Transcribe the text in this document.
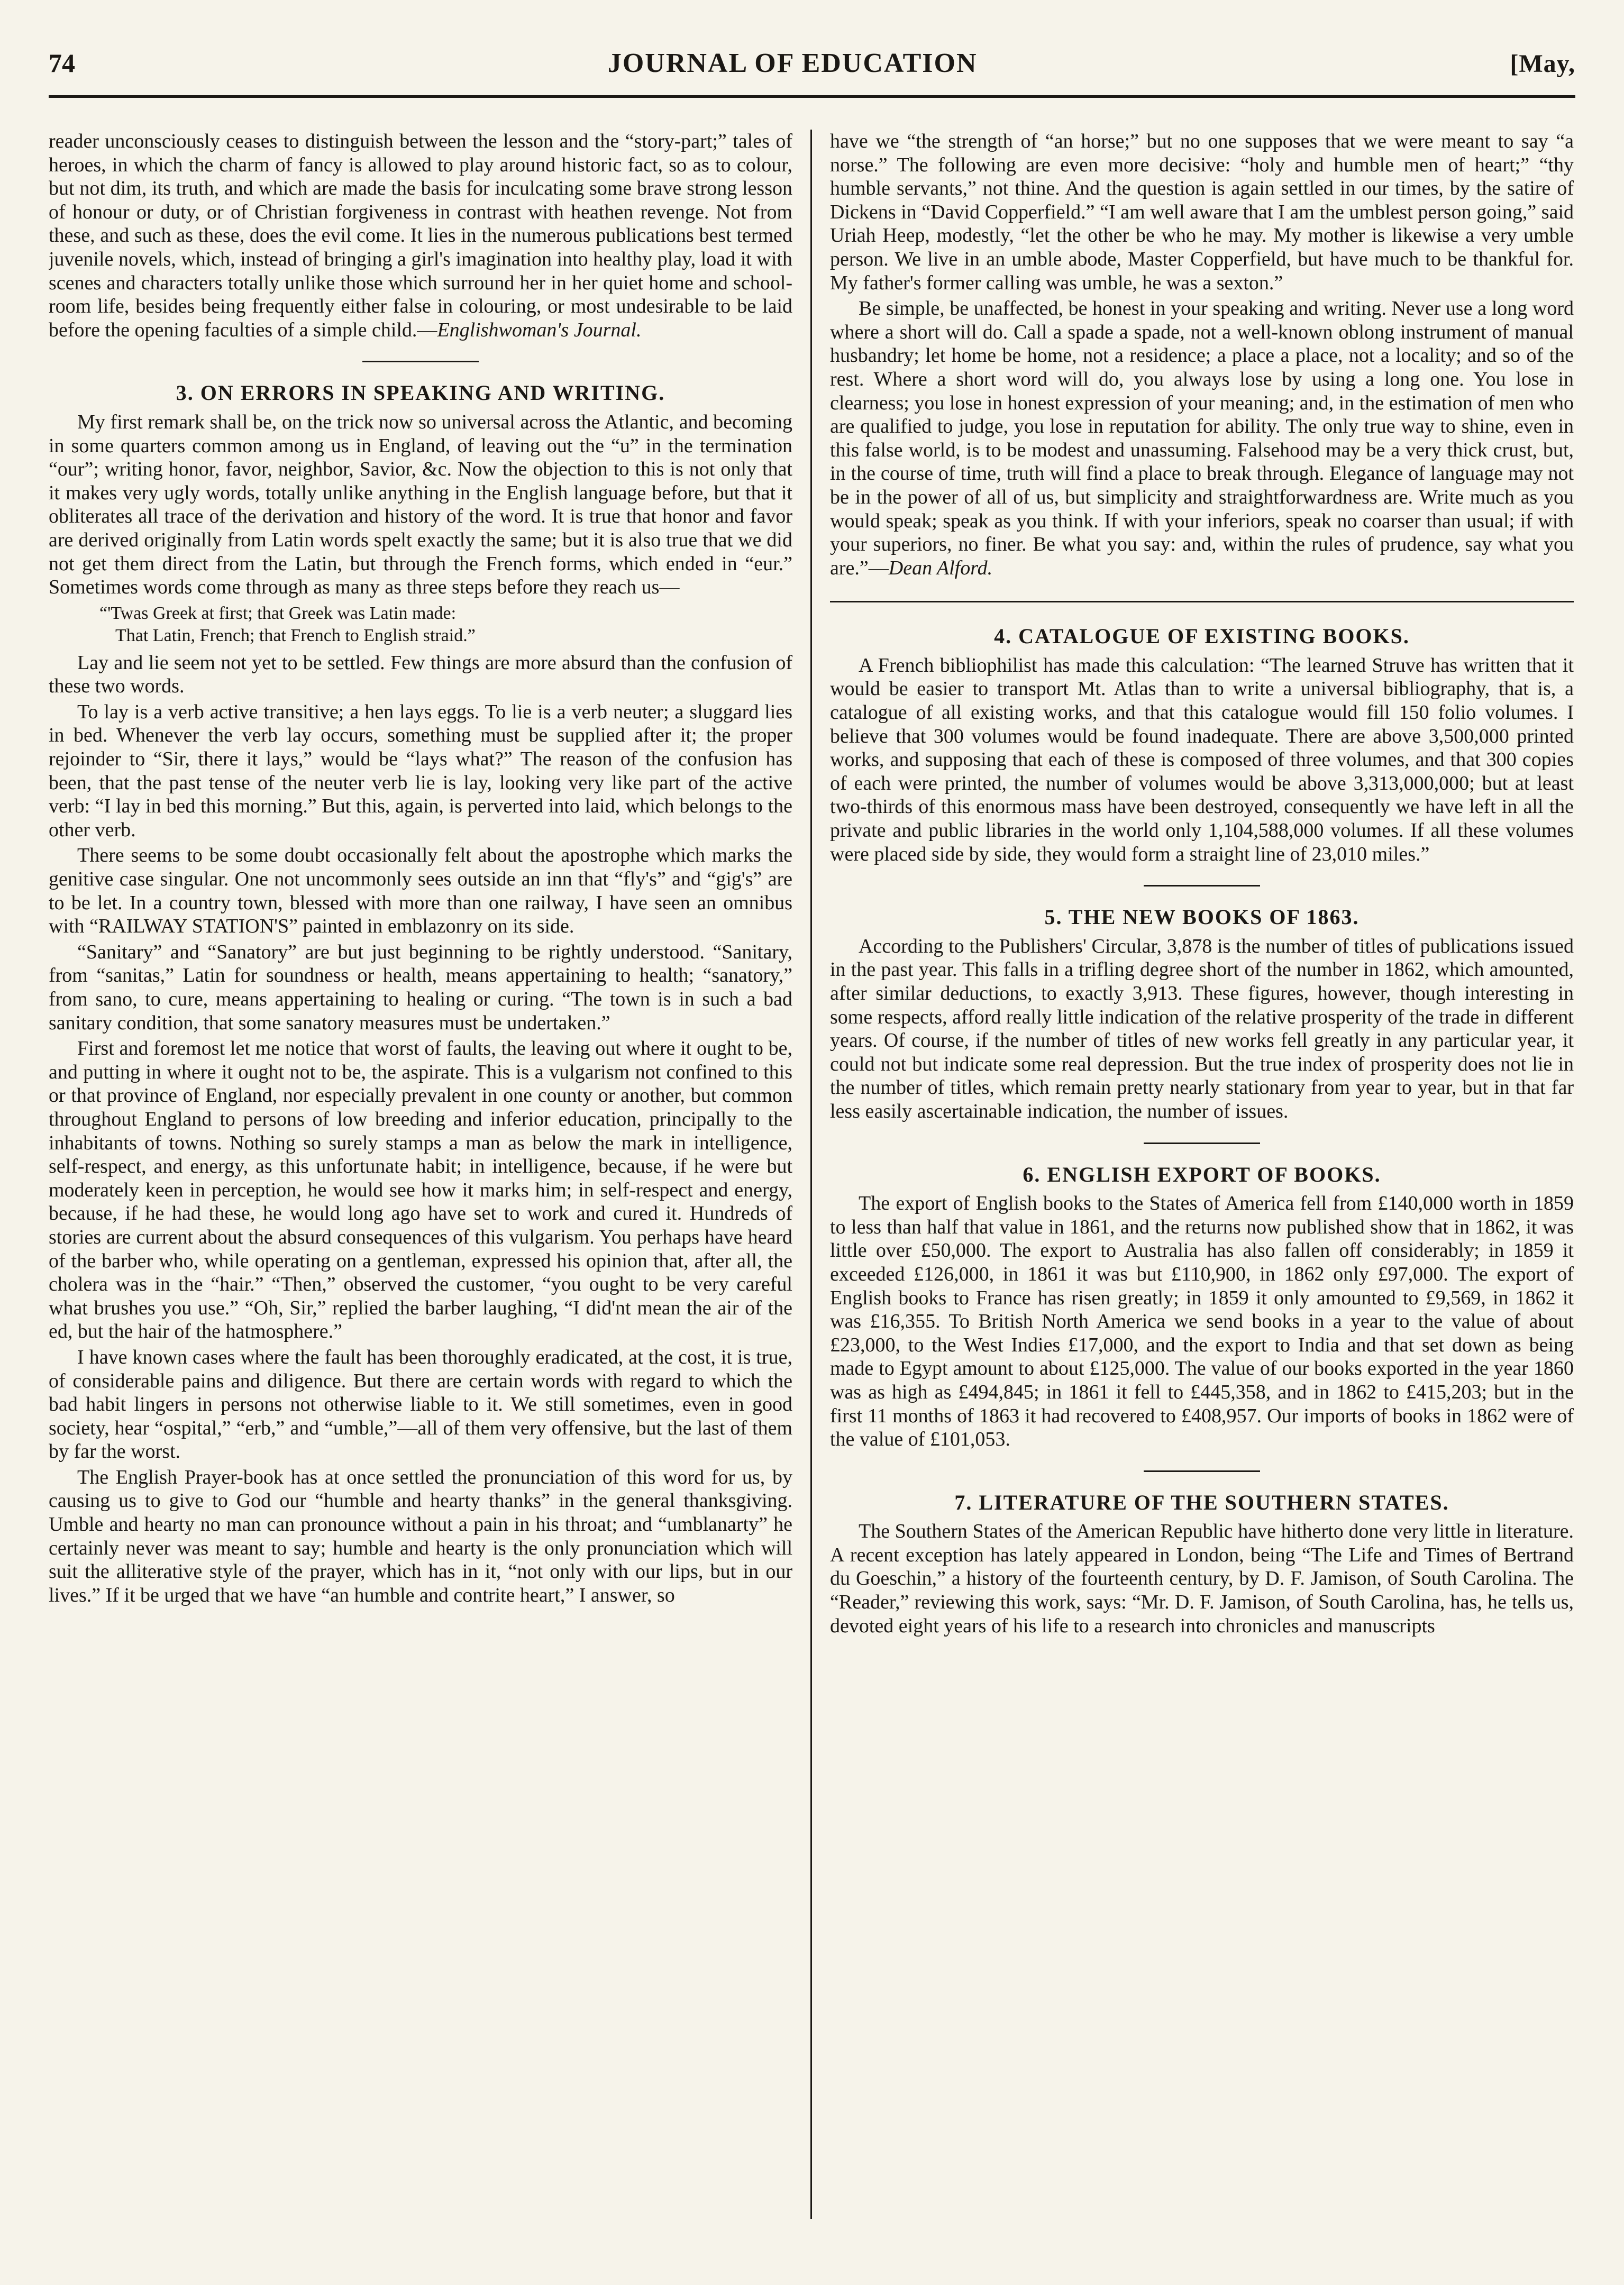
74	JOURNAL OF EDUCATION	[May,

reader unconsciously ceases to distinguish between the lesson and the “story-part;” tales of heroes, in which the charm of fancy is allowed to play around historic fact, so as to colour, but not dim, its truth, and which are made the basis for inculcating some brave strong lesson of honour or duty, or of Christian forgiveness in contrast with heathen revenge. Not from these, and such as these, does the evil come. It lies in the numerous publications best termed juvenile novels, which, instead of bringing a girl's imagination into healthy play, load it with scenes and characters totally unlike those which surround her in her quiet home and school-room life, besides being frequently either false in colouring, or most undesirable to be laid before the opening faculties of a simple child.—Englishwoman's Journal.

3. ON ERRORS IN SPEAKING AND WRITING.

My first remark shall be, on the trick now so universal across the Atlantic, and becoming in some quarters common among us in England, of leaving out the “u” in the termination “our”; writing honor, favor, neighbor, Savior, &c. Now the objection to this is not only that it makes very ugly words, totally unlike anything in the English language before, but that it obliterates all trace of the derivation and history of the word. It is true that honor and favor are derived originally from Latin words spelt exactly the same; but it is also true that we did not get them direct from the Latin, but through the French forms, which ended in “eur.” Sometimes words come through as many as three steps before they reach us—

“'Twas Greek at first; that Greek was Latin made:
That Latin, French; that French to English straid.”

Lay and lie seem not yet to be settled. Few things are more absurd than the confusion of these two words.

To lay is a verb active transitive; a hen lays eggs. To lie is a verb neuter; a sluggard lies in bed. Whenever the verb lay occurs, something must be supplied after it; the proper rejoinder to “Sir, there it lays,” would be “lays what?” The reason of the confusion has been, that the past tense of the neuter verb lie is lay, looking very like part of the active verb: “I lay in bed this morning.” But this, again, is perverted into laid, which belongs to the other verb.

There seems to be some doubt occasionally felt about the apostrophe which marks the genitive case singular. One not uncommonly sees outside an inn that “fly's” and “gig's” are to be let. In a country town, blessed with more than one railway, I have seen an omnibus with “RAILWAY STATION'S” painted in emblazonry on its side.

“Sanitary” and “Sanatory” are but just beginning to be rightly understood. “Sanitary, from “sanitas,” Latin for soundness or health, means appertaining to health; “sanatory,” from sano, to cure, means appertaining to healing or curing. “The town is in such a bad sanitary condition, that some sanatory measures must be undertaken.”

First and foremost let me notice that worst of faults, the leaving out where it ought to be, and putting in where it ought not to be, the aspirate. This is a vulgarism not confined to this or that province of England, nor especially prevalent in one county or another, but common throughout England to persons of low breeding and inferior education, principally to the inhabitants of towns. Nothing so surely stamps a man as below the mark in intelligence, self-respect, and energy, as this unfortunate habit; in intelligence, because, if he were but moderately keen in perception, he would see how it marks him; in self-respect and energy, because, if he had these, he would long ago have set to work and cured it. Hundreds of stories are current about the absurd consequences of this vulgarism. You perhaps have heard of the barber who, while operating on a gentleman, expressed his opinion that, after all, the cholera was in the “hair.” “Then,” observed the customer, “you ought to be very careful what brushes you use.” “Oh, Sir,” replied the barber laughing, “I did'nt mean the air of the ed, but the hair of the hatmosphere.”

I have known cases where the fault has been thoroughly eradicated, at the cost, it is true, of considerable pains and diligence. But there are certain words with regard to which the bad habit lingers in persons not otherwise liable to it. We still sometimes, even in good society, hear “ospital,” “erb,” and “umble,”—all of them very offensive, but the last of them by far the worst.

The English Prayer-book has at once settled the pronunciation of this word for us, by causing us to give to God our “humble and hearty thanks” in the general thanksgiving. Umble and hearty no man can pronounce without a pain in his throat; and “umblanarty” he certainly never was meant to say; humble and hearty is the only pronunciation which will suit the alliterative style of the prayer, which has in it, “not only with our lips, but in our lives.” If it be urged that we have “an humble and contrite heart,” I answer, so

have we “the strength of “an horse;” but no one supposes that we were meant to say “a norse.” The following are even more decisive: “holy and humble men of heart;” “thy humble servants,” not thine. And the question is again settled in our times, by the satire of Dickens in “David Copperfield.” “I am well aware that I am the umblest person going,” said Uriah Heep, modestly, “let the other be who he may. My mother is likewise a very umble person. We live in an umble abode, Master Copperfield, but have much to be thankful for. My father's former calling was umble, he was a sexton.”

Be simple, be unaffected, be honest in your speaking and writing. Never use a long word where a short will do. Call a spade a spade, not a well-known oblong instrument of manual husbandry; let home be home, not a residence; a place a place, not a locality; and so of the rest. Where a short word will do, you always lose by using a long one. You lose in clearness; you lose in honest expression of your meaning; and, in the estimation of men who are qualified to judge, you lose in reputation for ability. The only true way to shine, even in this false world, is to be modest and unassuming. Falsehood may be a very thick crust, but, in the course of time, truth will find a place to break through. Elegance of language may not be in the power of all of us, but simplicity and straightforwardness are. Write much as you would speak; speak as you think. If with your inferiors, speak no coarser than usual; if with your superiors, no finer. Be what you say: and, within the rules of prudence, say what you are.”—Dean Alford.

4. CATALOGUE OF EXISTING BOOKS.

A French bibliophilist has made this calculation: “The learned Struve has written that it would be easier to transport Mt. Atlas than to write a universal bibliography, that is, a catalogue of all existing works, and that this catalogue would fill 150 folio volumes. I believe that 300 volumes would be found inadequate. There are above 3,500,000 printed works, and supposing that each of these is composed of three volumes, and that 300 copies of each were printed, the number of volumes would be above 3,313,000,000; but at least two-thirds of this enormous mass have been destroyed, consequently we have left in all the private and public libraries in the world only 1,104,588,000 volumes. If all these volumes were placed side by side, they would form a straight line of 23,010 miles.”

5. THE NEW BOOKS OF 1863.

According to the Publishers' Circular, 3,878 is the number of titles of publications issued in the past year. This falls in a trifling degree short of the number in 1862, which amounted, after similar deductions, to exactly 3,913. These figures, however, though interesting in some respects, afford really little indication of the relative prosperity of the trade in different years. Of course, if the number of titles of new works fell greatly in any particular year, it could not but indicate some real depression. But the true index of prosperity does not lie in the number of titles, which remain pretty nearly stationary from year to year, but in that far less easily ascertainable indication, the number of issues.

6. ENGLISH EXPORT OF BOOKS.

The export of English books to the States of America fell from £140,000 worth in 1859 to less than half that value in 1861, and the returns now published show that in 1862, it was little over £50,000. The export to Australia has also fallen off considerably; in 1859 it exceeded £126,000, in 1861 it was but £110,900, in 1862 only £97,000. The export of English books to France has risen greatly; in 1859 it only amounted to £9,569, in 1862 it was £16,355. To British North America we send books in a year to the value of about £23,000, to the West Indies £17,000, and the export to India and that set down as being made to Egypt amount to about £125,000. The value of our books exported in the year 1860 was as high as £494,845; in 1861 it fell to £445,358, and in 1862 to £415,203; but in the first 11 months of 1863 it had recovered to £408,957. Our imports of books in 1862 were of the value of £101,053.

7. LITERATURE OF THE SOUTHERN STATES.

The Southern States of the American Republic have hitherto done very little in literature. A recent exception has lately appeared in London, being “The Life and Times of Bertrand du Goeschin,” a history of the fourteenth century, by D. F. Jamison, of South Carolina. The “Reader,” reviewing this work, says: “Mr. D. F. Jamison, of South Carolina, has, he tells us, devoted eight years of his life to a research into chronicles and manuscripts
